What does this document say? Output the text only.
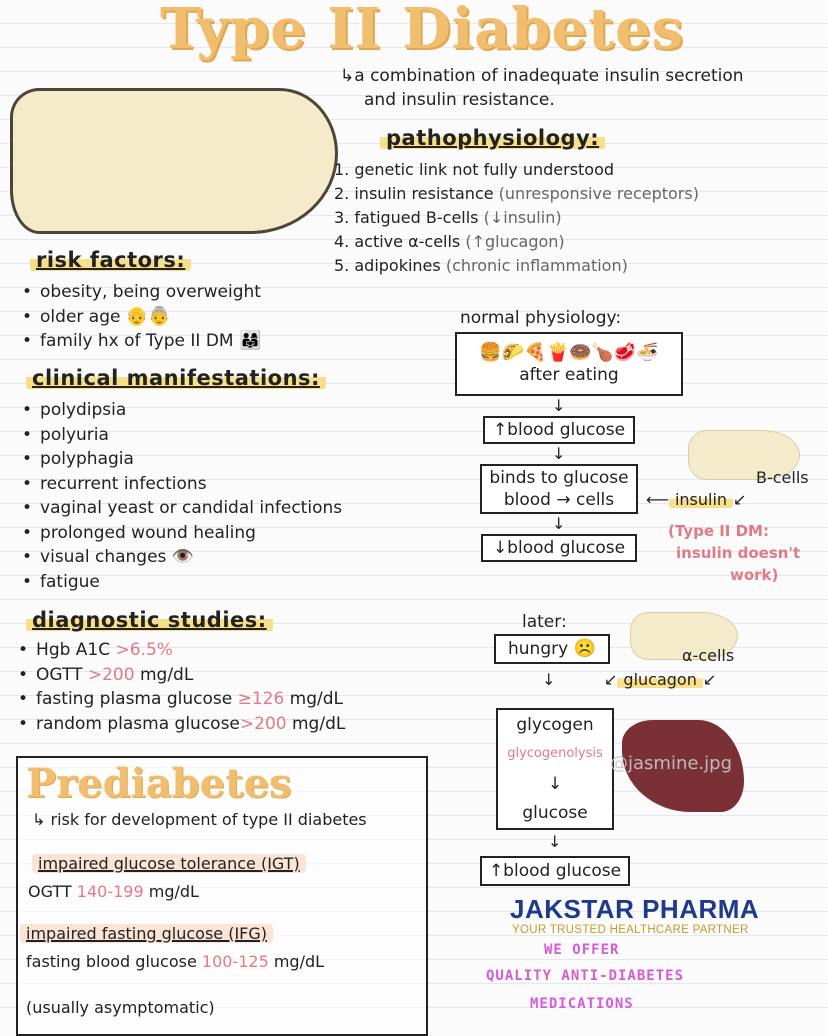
Type II Diabetes
↳a combination of inadequate insulin secretion
and insulin resistance.
pathophysiology:
1. genetic link not fully understood
2. insulin resistance (unresponsive receptors)
3. fatigued B-cells (↓insulin)
4. active α-cells (↑glucagon)
5. adipokines (chronic inflammation)
risk factors:
• obesity, being overweight
• older age 👴👵
• family hx of Type II DM 👨‍👩‍👧
clinical manifestations:
• polydipsia
• polyuria
• polyphagia
• recurrent infections
• vaginal yeast or candidal infections
• prolonged wound healing
• visual changes 👁️
• fatigue
diagnostic studies:
• Hgb A1C >6.5%
• OGTT >200 mg/dL
• fasting plasma glucose ≥126 mg/dL
• random plasma glucose>200 mg/dL
normal physiology:
🍔🌮🍕🍟🍩🍗🥩🍜
after eating
↓
↑blood glucose
↓
binds to glucose
blood → cells
↓
↓blood glucose
B-cells
⟵ insulin ↙
(Type II DM:
insulin doesn't
work)
later:
hungry
☹️
↓
glycogen
glycogenolysis
↓
glucose
↓
↑blood glucose
α-cells
↙ glucagon ↙
@jasmine.jpg
Prediabetes
↳ risk for development of type II diabetes
impaired glucose tolerance (IGT)
OGTT 140-199 mg/dL
impaired fasting glucose (IFG)
fasting blood glucose 100-125 mg/dL
(usually asymptomatic)
JAKSTAR PHARMA
YOUR TRUSTED HEALTHCARE PARTNER
WE OFFER
QUALITY ANTI-DIABETES
MEDICATIONS
